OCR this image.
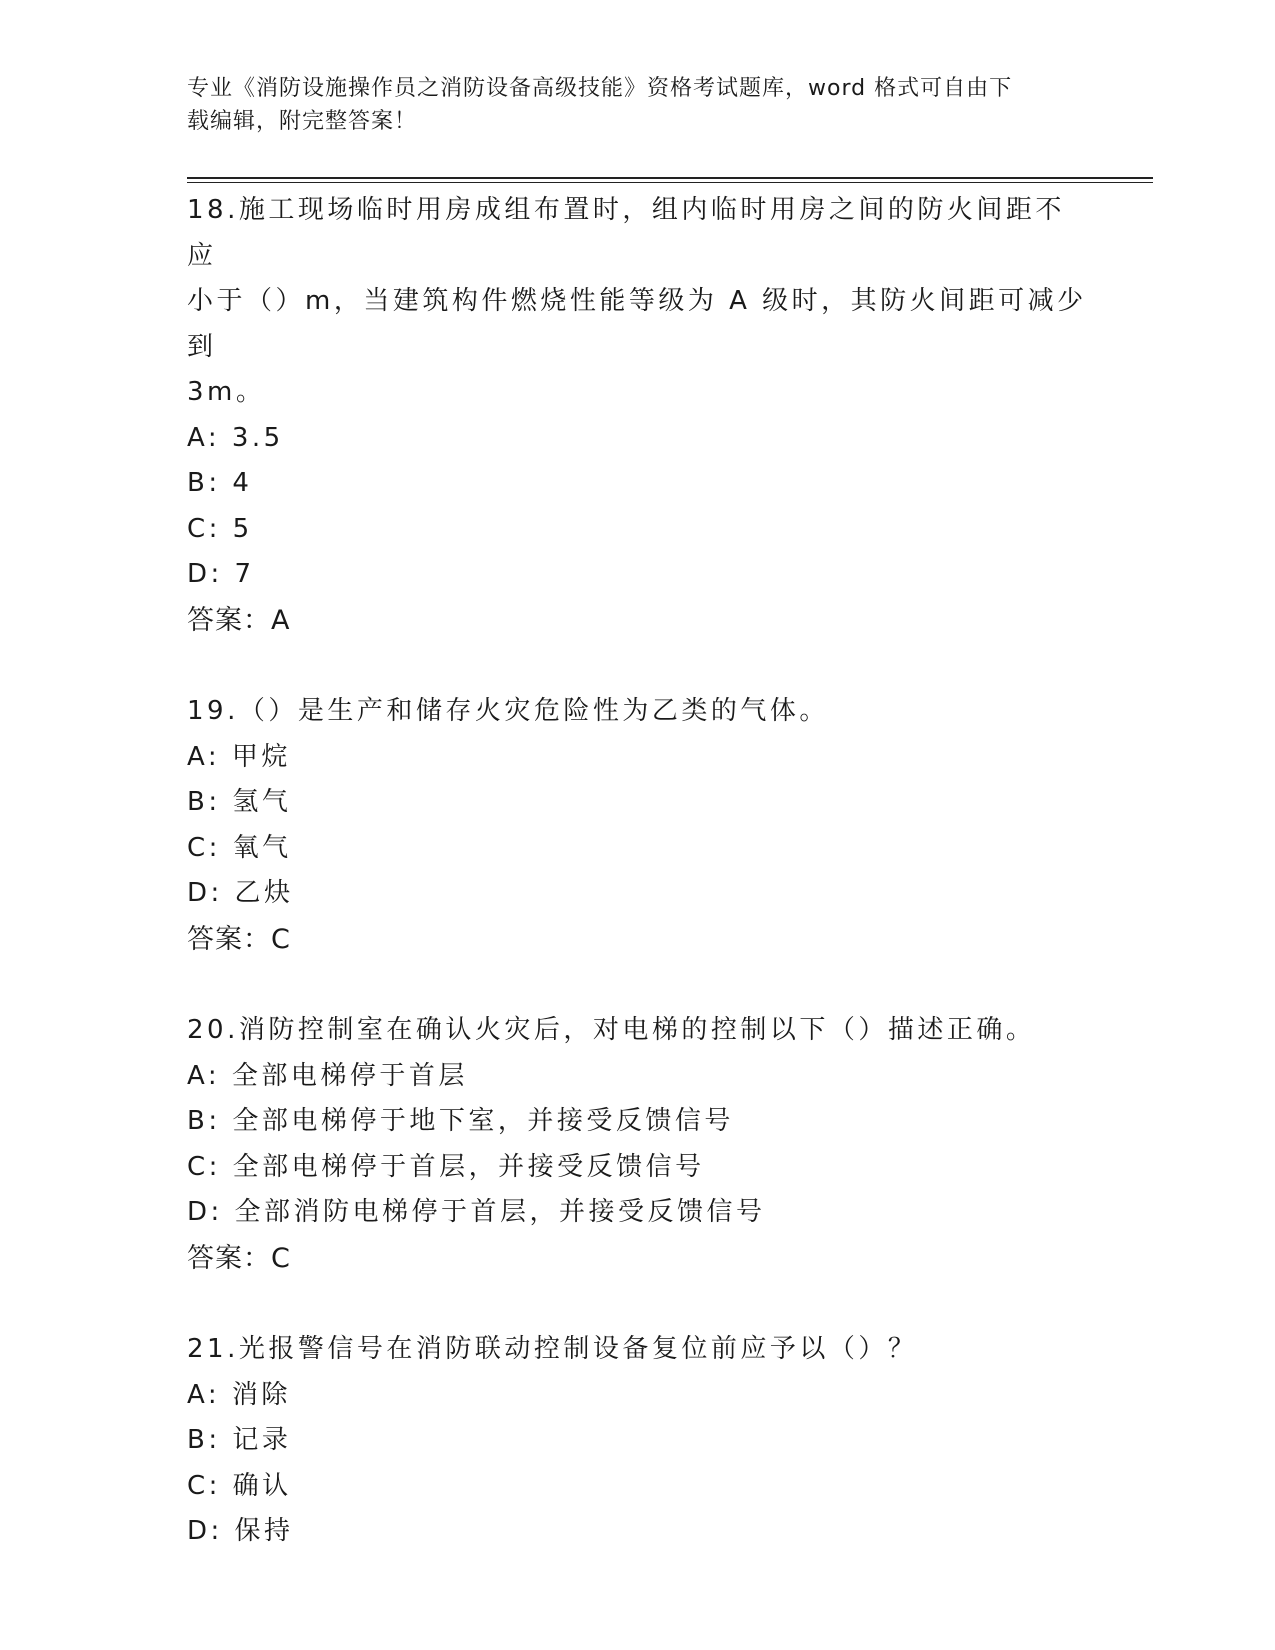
专业《消防设施操作员之消防设备高级技能》资格考试题库，word 格式可自由下
载编辑，附完整答案！
18.施工现场临时用房成组布置时，组内临时用房之间的防火间距不应
小于（）m，当建筑构件燃烧性能等级为 A 级时，其防火间距可减少到
3m。
A: 3.5
B: 4
C: 5
D: 7
答案：A
19.（）是生产和储存火灾危险性为乙类的气体。
A: 甲烷
B: 氢气
C: 氧气
D: 乙炔
答案：C
20.消防控制室在确认火灾后，对电梯的控制以下（）描述正确。
A: 全部电梯停于首层
B: 全部电梯停于地下室，并接受反馈信号
C: 全部电梯停于首层，并接受反馈信号
D: 全部消防电梯停于首层，并接受反馈信号
答案：C
21.光报警信号在消防联动控制设备复位前应予以（）？
A: 消除
B: 记录
C: 确认
D: 保持
